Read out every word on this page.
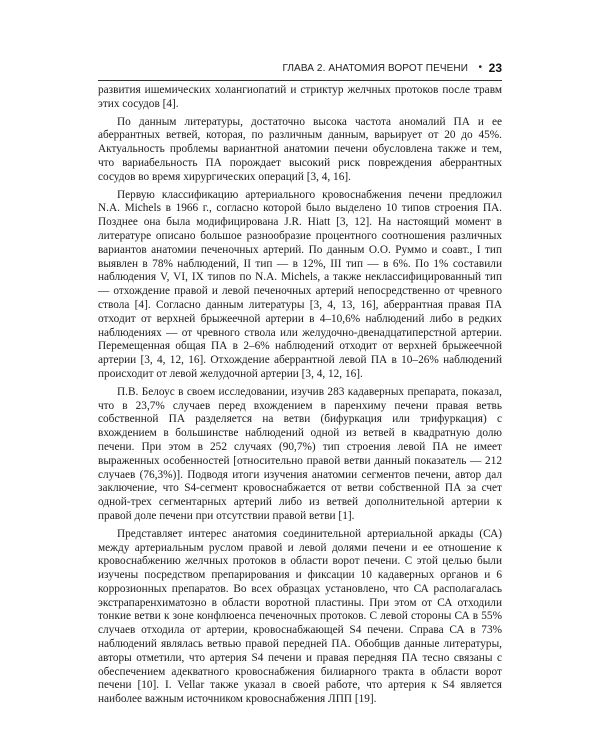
ГЛАВА 2. АНАТОМИЯ ВОРОТ ПЕЧЕНИ • 23

развития ишемических холангиопатий и стриктур желчных протоков после травм этих сосудов [4].

По данным литературы, достаточно высока частота аномалий ПА и ее аберрантных ветвей, которая, по различным данным, варьирует от 20 до 45%. Актуальность проблемы вариантной анатомии печени обусловлена также и тем, что вариабельность ПА порождает высокий риск повреждения аберрантных сосудов во время хирургических операций [3, 4, 16].

Первую классификацию артериального кровоснабжения печени предложил N.A. Michels в 1966 г., согласно которой было выделено 10 типов строения ПА. Позднее она была модифицирована J.R. Hiatt [3, 12]. На настоящий момент в литературе описано большое разнообразие процентного соотношения различных вариантов анатомии печеночных артерий. По данным О.О. Руммо и соавт., I тип выявлен в 78% наблюдений, II тип — в 12%, III тип — в 6%. По 1% составили наблюдения V, VI, IX типов по N.A. Michels, а также неклассифицированный тип — отхождение правой и левой печеночных артерий непосредственно от чревного ствола [4]. Согласно данным литературы [3, 4, 13, 16], аберрантная правая ПА отходит от верхней брыжеечной артерии в 4–10,6% наблюдений либо в редких наблюдениях — от чревного ствола или желудочно-двенадцатиперстной артерии. Перемещенная общая ПА в 2–6% наблюдений отходит от верхней брыжеечной артерии [3, 4, 12, 16]. Отхождение аберрантной левой ПА в 10–26% наблюдений происходит от левой желудочной артерии [3, 4, 12, 16].

П.В. Белоус в своем исследовании, изучив 283 кадаверных препарата, показал, что в 23,7% случаев перед вхождением в паренхиму печени правая ветвь собственной ПА разделяется на ветви (бифуркация или трифуркация) с вхождением в большинстве наблюдений одной из ветвей в квадратную долю печени. При этом в 252 случаях (90,7%) тип строения левой ПА не имеет выраженных особенностей [относительно правой ветви данный показатель — 212 случаев (76,3%)]. Подводя итоги изучения анатомии сегментов печени, автор дал заключение, что S4-сегмент кровоснабжается от ветви собственной ПА за счет одной-трех сегментарных артерий либо из ветвей дополнительной артерии к правой доле печени при отсутствии правой ветви [1].

Представляет интерес анатомия соединительной артериальной аркады (СА) между артериальным руслом правой и левой долями печени и ее отношение к кровоснабжению желчных протоков в области ворот печени. С этой целью были изучены посредством препарирования и фиксации 10 кадаверных органов и 6 коррозионных препаратов. Во всех образцах установлено, что СА располагалась экстрапаренхиматозно в области воротной пластины. При этом от СА отходили тонкие ветви к зоне конфлюенса печеночных протоков. С левой стороны СА в 55% случаев отходила от артерии, кровоснабжающей S4 печени. Справа СА в 73% наблюдений являлась ветвью правой передней ПА. Обобщив данные литературы, авторы отметили, что артерия S4 печени и правая передняя ПА тесно связаны с обеспечением адекватного кровоснабжения билиарного тракта в области ворот печени [10]. I. Vellar также указал в своей работе, что артерия к S4 является наиболее важным источником кровоснабжения ЛПП [19].
